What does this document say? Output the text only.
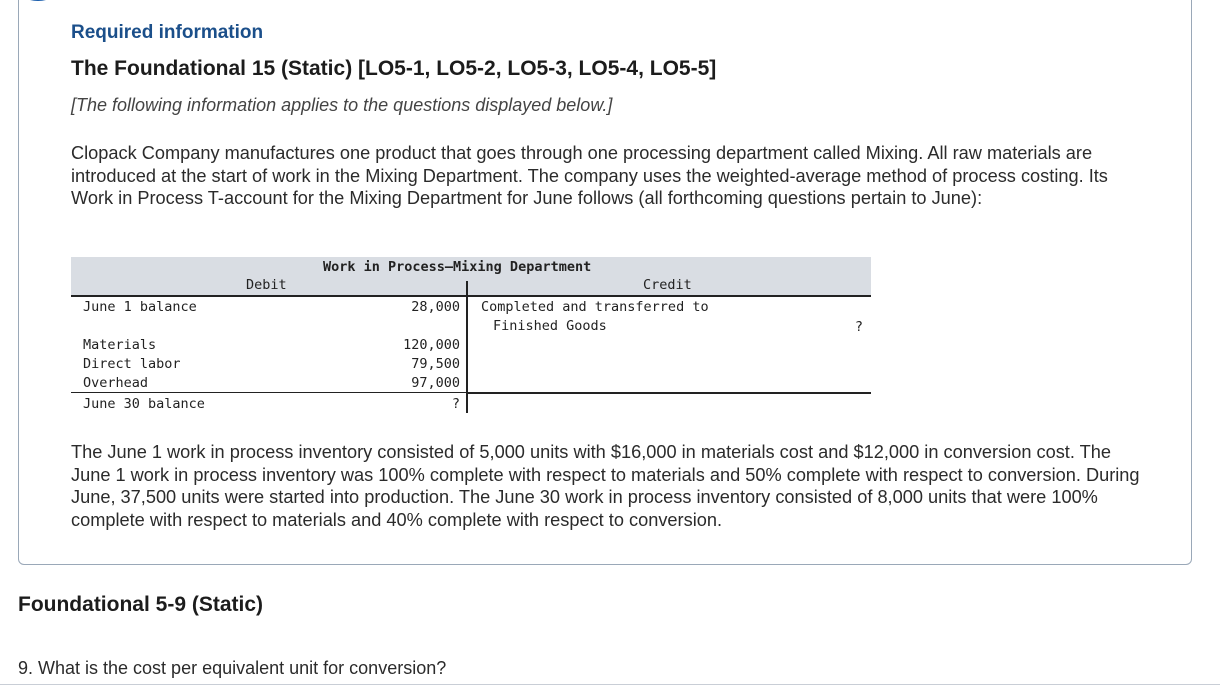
Required information
The Foundational 15 (Static) [LO5-1, LO5-2, LO5-3, LO5-4, LO5-5]
[The following information applies to the questions displayed below.]
Clopack Company manufactures one product that goes through one processing department called Mixing. All raw materials are introduced at the start of work in the Mixing Department. The company uses the weighted-average method of process costing. Its Work in Process T-account for the Mixing Department for June follows (all forthcoming questions pertain to June):
Work in Process—Mixing Department
Debit	Credit
June 1 balance	28,000 Completed and transferred to
Finished Goods	?
Materials	120,000
Direct labor	79,500
Overhead	97,000
June 30 balance	?
The June 1 work in process inventory consisted of 5,000 units with $16,000 in materials cost and $12,000 in conversion cost. The June 1 work in process inventory was 100% complete with respect to materials and 50% complete with respect to conversion. During June, 37,500 units were started into production. The June 30 work in process inventory consisted of 8,000 units that were 100% complete with respect to materials and 40% complete with respect to conversion.
Foundational 5-9 (Static)
9. What is the cost per equivalent unit for conversion?
